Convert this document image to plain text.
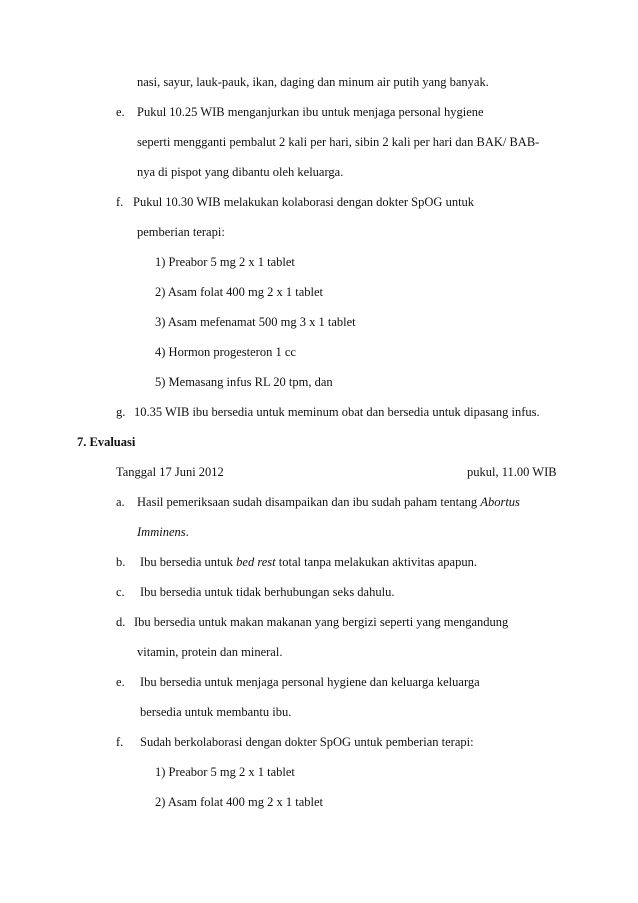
nasi, sayur, lauk-pauk, ikan, daging dan minum air putih yang banyak.
e. Pukul 10.25 WIB menganjurkan ibu untuk menjaga personal hygiene
seperti mengganti pembalut 2 kali per hari, sibin 2 kali per hari dan BAK/ BAB-
nya di pispot yang dibantu oleh keluarga.
f. Pukul 10.30 WIB melakukan kolaborasi dengan dokter SpOG untuk
pemberian terapi:
1) Preabor 5 mg 2 x 1 tablet
2) Asam folat 400 mg 2 x 1 tablet
3) Asam mefenamat 500 mg 3 x 1 tablet
4) Hormon progesteron 1 cc
5) Memasang infus RL 20 tpm, dan
g. 10.35 WIB ibu bersedia untuk meminum obat dan bersedia untuk dipasang infus.
7. Evaluasi
Tanggal 17 Juni 2012	pukul, 11.00 WIB
a. Hasil pemeriksaan sudah disampaikan dan ibu sudah paham tentang Abortus
Imminens.
b. Ibu bersedia untuk bed rest total tanpa melakukan aktivitas apapun.
c. Ibu bersedia untuk tidak berhubungan seks dahulu.
d. Ibu bersedia untuk makan makanan yang bergizi seperti yang mengandung
vitamin, protein dan mineral.
e. Ibu bersedia untuk menjaga personal hygiene dan keluarga keluarga
bersedia untuk membantu ibu.
f. Sudah berkolaborasi dengan dokter SpOG untuk pemberian terapi:
1) Preabor 5 mg 2 x 1 tablet
2) Asam folat 400 mg 2 x 1 tablet
